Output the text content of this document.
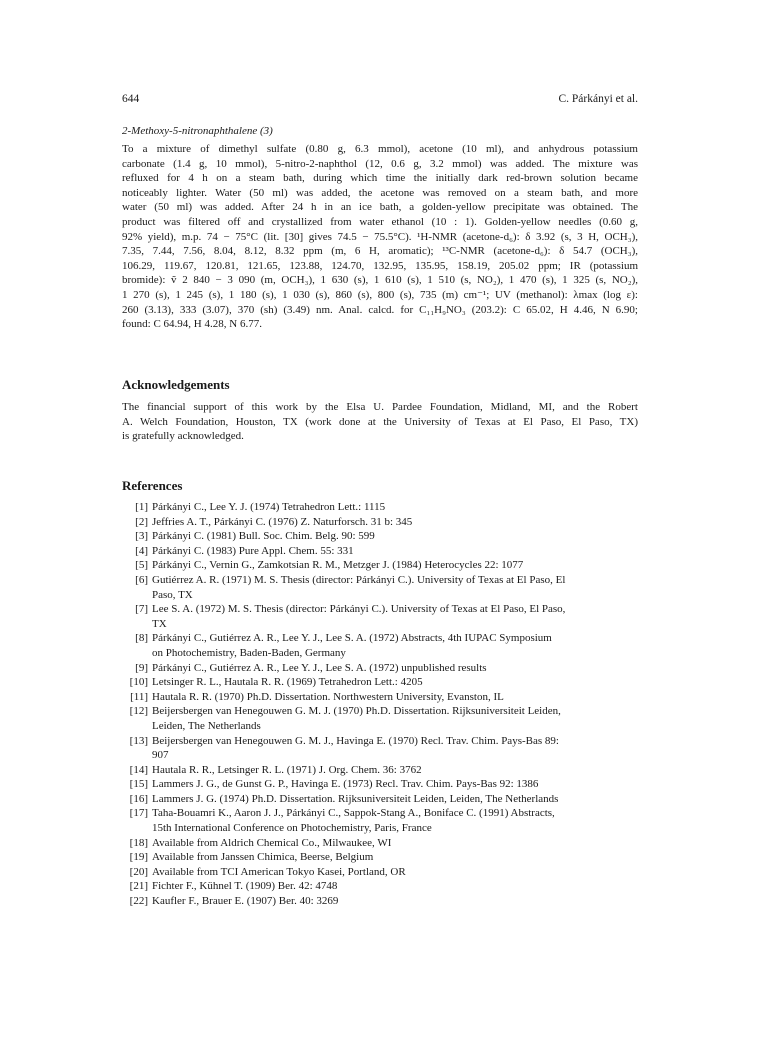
644	C. Párkányi et al.
2-Methoxy-5-nitronaphthalene (3)
To a mixture of dimethyl sulfate (0.80 g, 6.3 mmol), acetone (10 ml), and anhydrous potassium
carbonate (1.4 g, 10 mmol), 5-nitro-2-naphthol (12, 0.6 g, 3.2 mmol) was added. The mixture was
refluxed for 4 h on a steam bath, during which time the initially dark red-brown solution became
noticeably lighter. Water (50 ml) was added, the acetone was removed on a steam bath, and more
water (50 ml) was added. After 24 h in an ice bath, a golden-yellow precipitate was obtained. The
product was filtered off and crystallized from water ethanol (10 : 1). Golden-yellow needles (0.60 g,
92% yield), m.p. 74 − 75°C (lit. [30] gives 74.5 − 75.5°C). ¹H-NMR (acetone-d₆): δ 3.92 (s, 3 H, OCH₃),
7.35, 7.44, 7.56, 8.04, 8.12, 8.32 ppm (m, 6 H, aromatic); ¹³C-NMR (acetone-d₆): δ 54.7 (OCH₃),
106.29, 119.67, 120.81, 121.65, 123.88, 124.70, 132.95, 135.95, 158.19, 205.02 ppm; IR (potassium
bromide): ṽ 2 840 − 3 090 (m, OCH₃), 1 630 (s), 1 610 (s), 1 510 (s, NO₂), 1 470 (s), 1 325 (s, NO₂),
1 270 (s), 1 245 (s), 1 180 (s), 1 030 (s), 860 (s), 800 (s), 735 (m) cm⁻¹; UV (methanol): λmax (log ε):
260 (3.13), 333 (3.07), 370 (sh) (3.49) nm. Anal. calcd. for C₁₁H₉NO₃ (203.2): C 65.02, H 4.46, N 6.90;
found: C 64.94, H 4.28, N 6.77.
Acknowledgements
The financial support of this work by the Elsa U. Pardee Foundation, Midland, MI, and the Robert
A. Welch Foundation, Houston, TX (work done at the University of Texas at El Paso, El Paso, TX)
is gratefully acknowledged.
References
[1] Párkányi C., Lee Y. J. (1974) Tetrahedron Lett.: 1115
[2] Jeffries A. T., Párkányi C. (1976) Z. Naturforsch. 31 b: 345
[3] Párkányi C. (1981) Bull. Soc. Chim. Belg. 90: 599
[4] Párkányi C. (1983) Pure Appl. Chem. 55: 331
[5] Párkányi C., Vernin G., Zamkotsian R. M., Metzger J. (1984) Heterocycles 22: 1077
[6] Gutiérrez A. R. (1971) M. S. Thesis (director: Párkányi C.). University of Texas at El Paso, El
Paso, TX
[7] Lee S. A. (1972) M. S. Thesis (director: Párkányi C.). University of Texas at El Paso, El Paso,
TX
[8] Párkányi C., Gutiérrez A. R., Lee Y. J., Lee S. A. (1972) Abstracts, 4th IUPAC Symposium
on Photochemistry, Baden-Baden, Germany
[9] Párkányi C., Gutiérrez A. R., Lee Y. J., Lee S. A. (1972) unpublished results
[10] Letsinger R. L., Hautala R. R. (1969) Tetrahedron Lett.: 4205
[11] Hautala R. R. (1970) Ph.D. Dissertation. Northwestern University, Evanston, IL
[12] Beijersbergen van Henegouwen G. M. J. (1970) Ph.D. Dissertation. Rijksuniversiteit Leiden,
Leiden, The Netherlands
[13] Beijersbergen van Henegouwen G. M. J., Havinga E. (1970) Recl. Trav. Chim. Pays-Bas 89:
907
[14] Hautala R. R., Letsinger R. L. (1971) J. Org. Chem. 36: 3762
[15] Lammers J. G., de Gunst G. P., Havinga E. (1973) Recl. Trav. Chim. Pays-Bas 92: 1386
[16] Lammers J. G. (1974) Ph.D. Dissertation. Rijksuniversiteit Leiden, Leiden, The Netherlands
[17] Taha-Bouamri K., Aaron J. J., Párkányi C., Sappok-Stang A., Boniface C. (1991) Abstracts,
15th International Conference on Photochemistry, Paris, France
[18] Available from Aldrich Chemical Co., Milwaukee, WI
[19] Available from Janssen Chimica, Beerse, Belgium
[20] Available from TCI American Tokyo Kasei, Portland, OR
[21] Fichter F., Kühnel T. (1909) Ber. 42: 4748
[22] Kaufler F., Brauer E. (1907) Ber. 40: 3269
